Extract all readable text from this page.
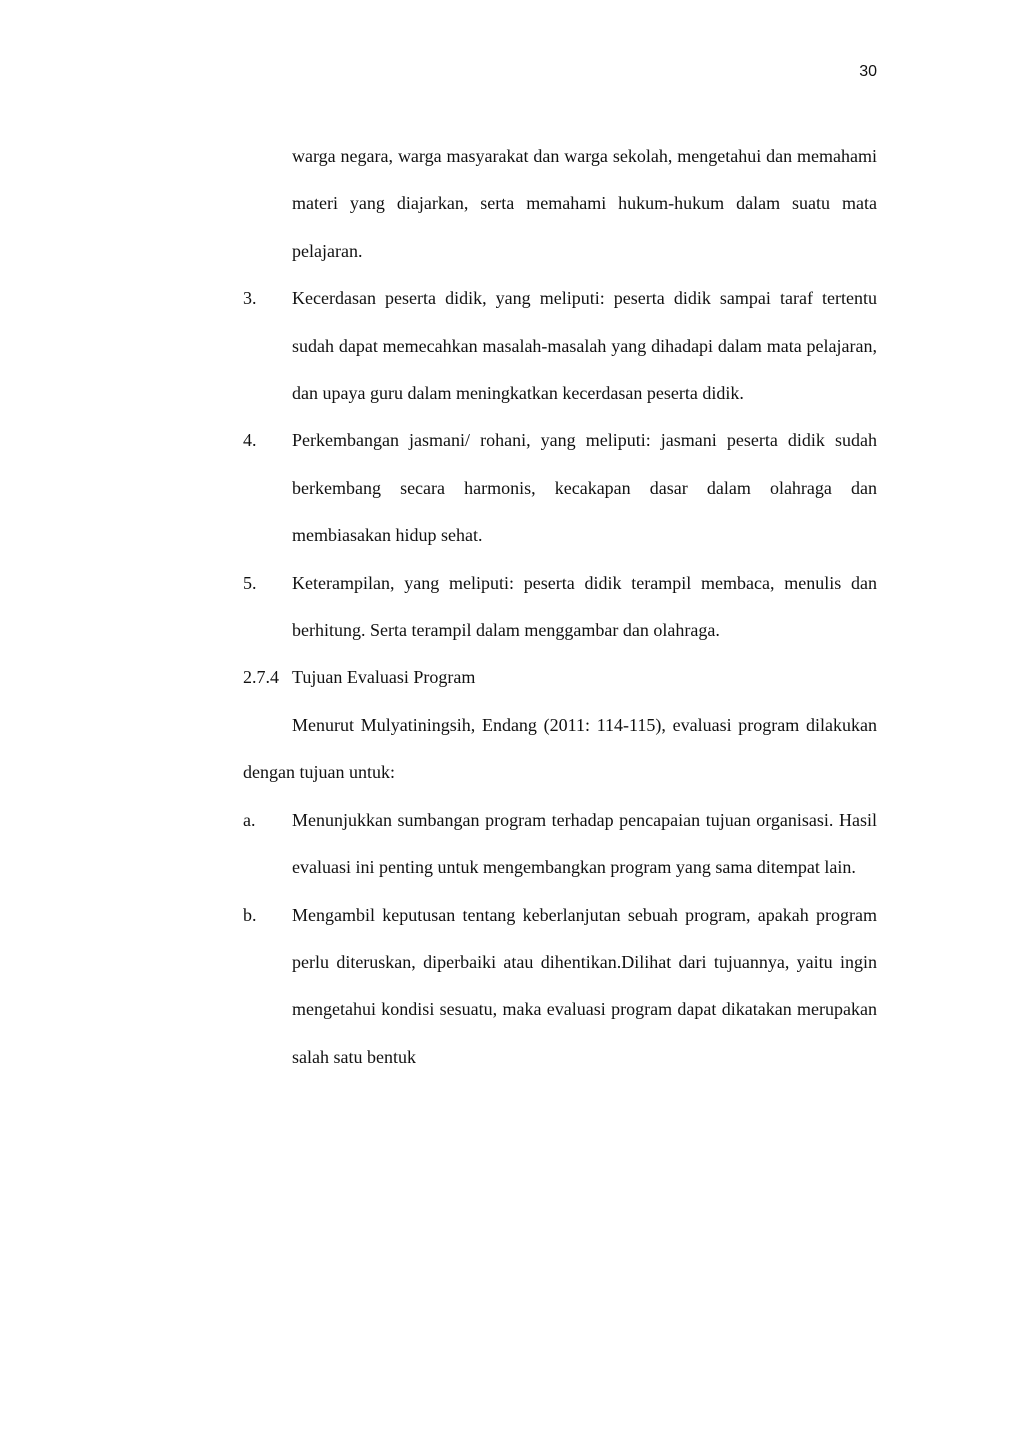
30

warga negara, warga masyarakat dan warga sekolah, mengetahui dan memahami materi yang diajarkan, serta memahami hukum-hukum dalam suatu mata pelajaran.

3.	Kecerdasan peserta didik, yang meliputi: peserta didik sampai taraf tertentu sudah dapat memecahkan masalah-masalah yang dihadapi dalam mata pelajaran, dan upaya guru dalam meningkatkan kecerdasan peserta didik.

4.	Perkembangan jasmani/ rohani, yang meliputi: jasmani peserta didik sudah berkembang secara harmonis, kecakapan dasar dalam olahraga dan membiasakan hidup sehat.

5.	Keterampilan, yang meliputi: peserta didik terampil membaca, menulis dan berhitung. Serta terampil dalam menggambar dan olahraga.

2.7.4 Tujuan Evaluasi Program

Menurut Mulyatiningsih, Endang (2011: 114-115), evaluasi program dilakukan dengan tujuan untuk:

a.	Menunjukkan sumbangan program terhadap pencapaian tujuan organisasi. Hasil evaluasi ini penting untuk mengembangkan program yang sama ditempat lain.

b.	Mengambil keputusan tentang keberlanjutan sebuah program, apakah program perlu diteruskan, diperbaiki atau dihentikan.Dilihat dari tujuannya, yaitu ingin mengetahui kondisi sesuatu, maka evaluasi program dapat dikatakan merupakan salah satu bentuk
